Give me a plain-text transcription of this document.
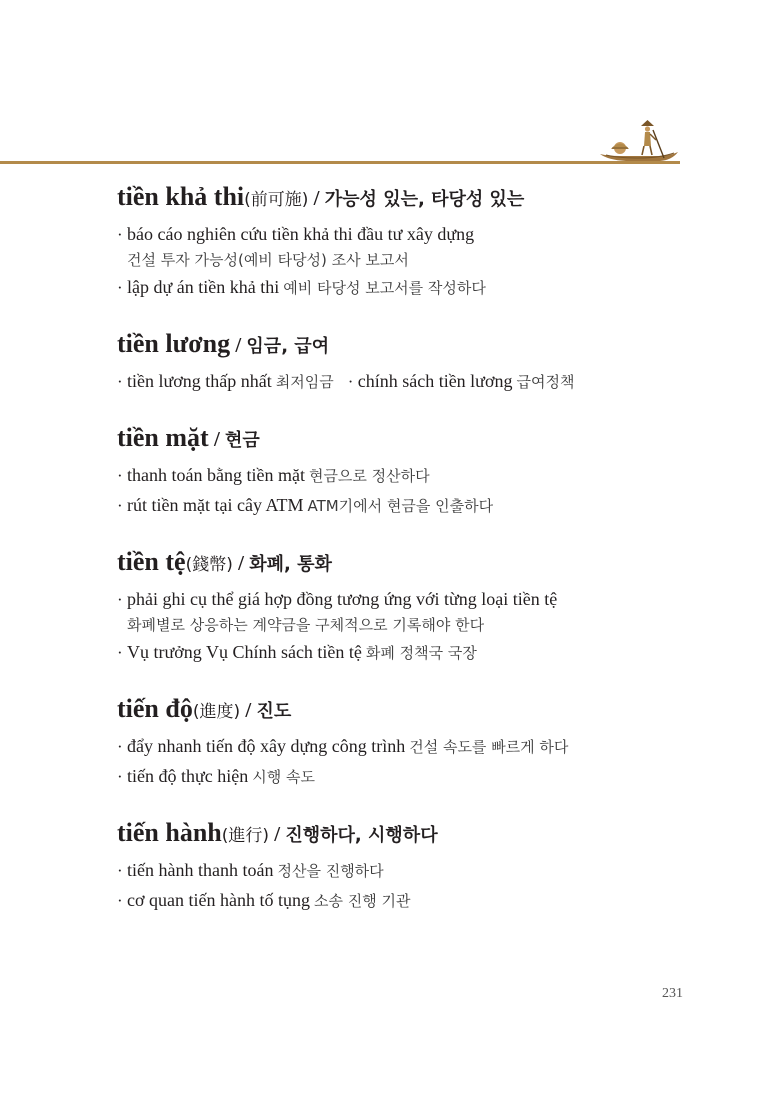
tiền khả thi(前可施) / 가능성 있는, 타당성 있는
· báo cáo nghiên cứu tiền khả thi đầu tư xây dựng
건설 투자 가능성(예비 타당성) 조사 보고서
· lập dự án tiền khả thi 예비 타당성 보고서를 작성하다
tiền lương / 임금, 급여
· tiền lương thấp nhất 최저임금 · chính sách tiền lương 급여정책
tiền mặt / 현금
· thanh toán bằng tiền mặt 현금으로 정산하다
· rút tiền mặt tại cây ATM ATM기에서 현금을 인출하다
tiền tệ(錢幣) / 화폐, 통화
· phải ghi cụ thể giá hợp đồng tương ứng với từng loại tiền tệ
화폐별로 상응하는 계약금을 구체적으로 기록해야 한다
· Vụ trưởng Vụ Chính sách tiền tệ 화폐 정책국 국장
tiến độ(進度) / 진도
· đẩy nhanh tiến độ xây dựng công trình 건설 속도를 빠르게 하다
· tiến độ thực hiện 시행 속도
tiến hành(進行) / 진행하다, 시행하다
· tiến hành thanh toán 정산을 진행하다
· cơ quan tiến hành tố tụng 소송 진행 기관
231
